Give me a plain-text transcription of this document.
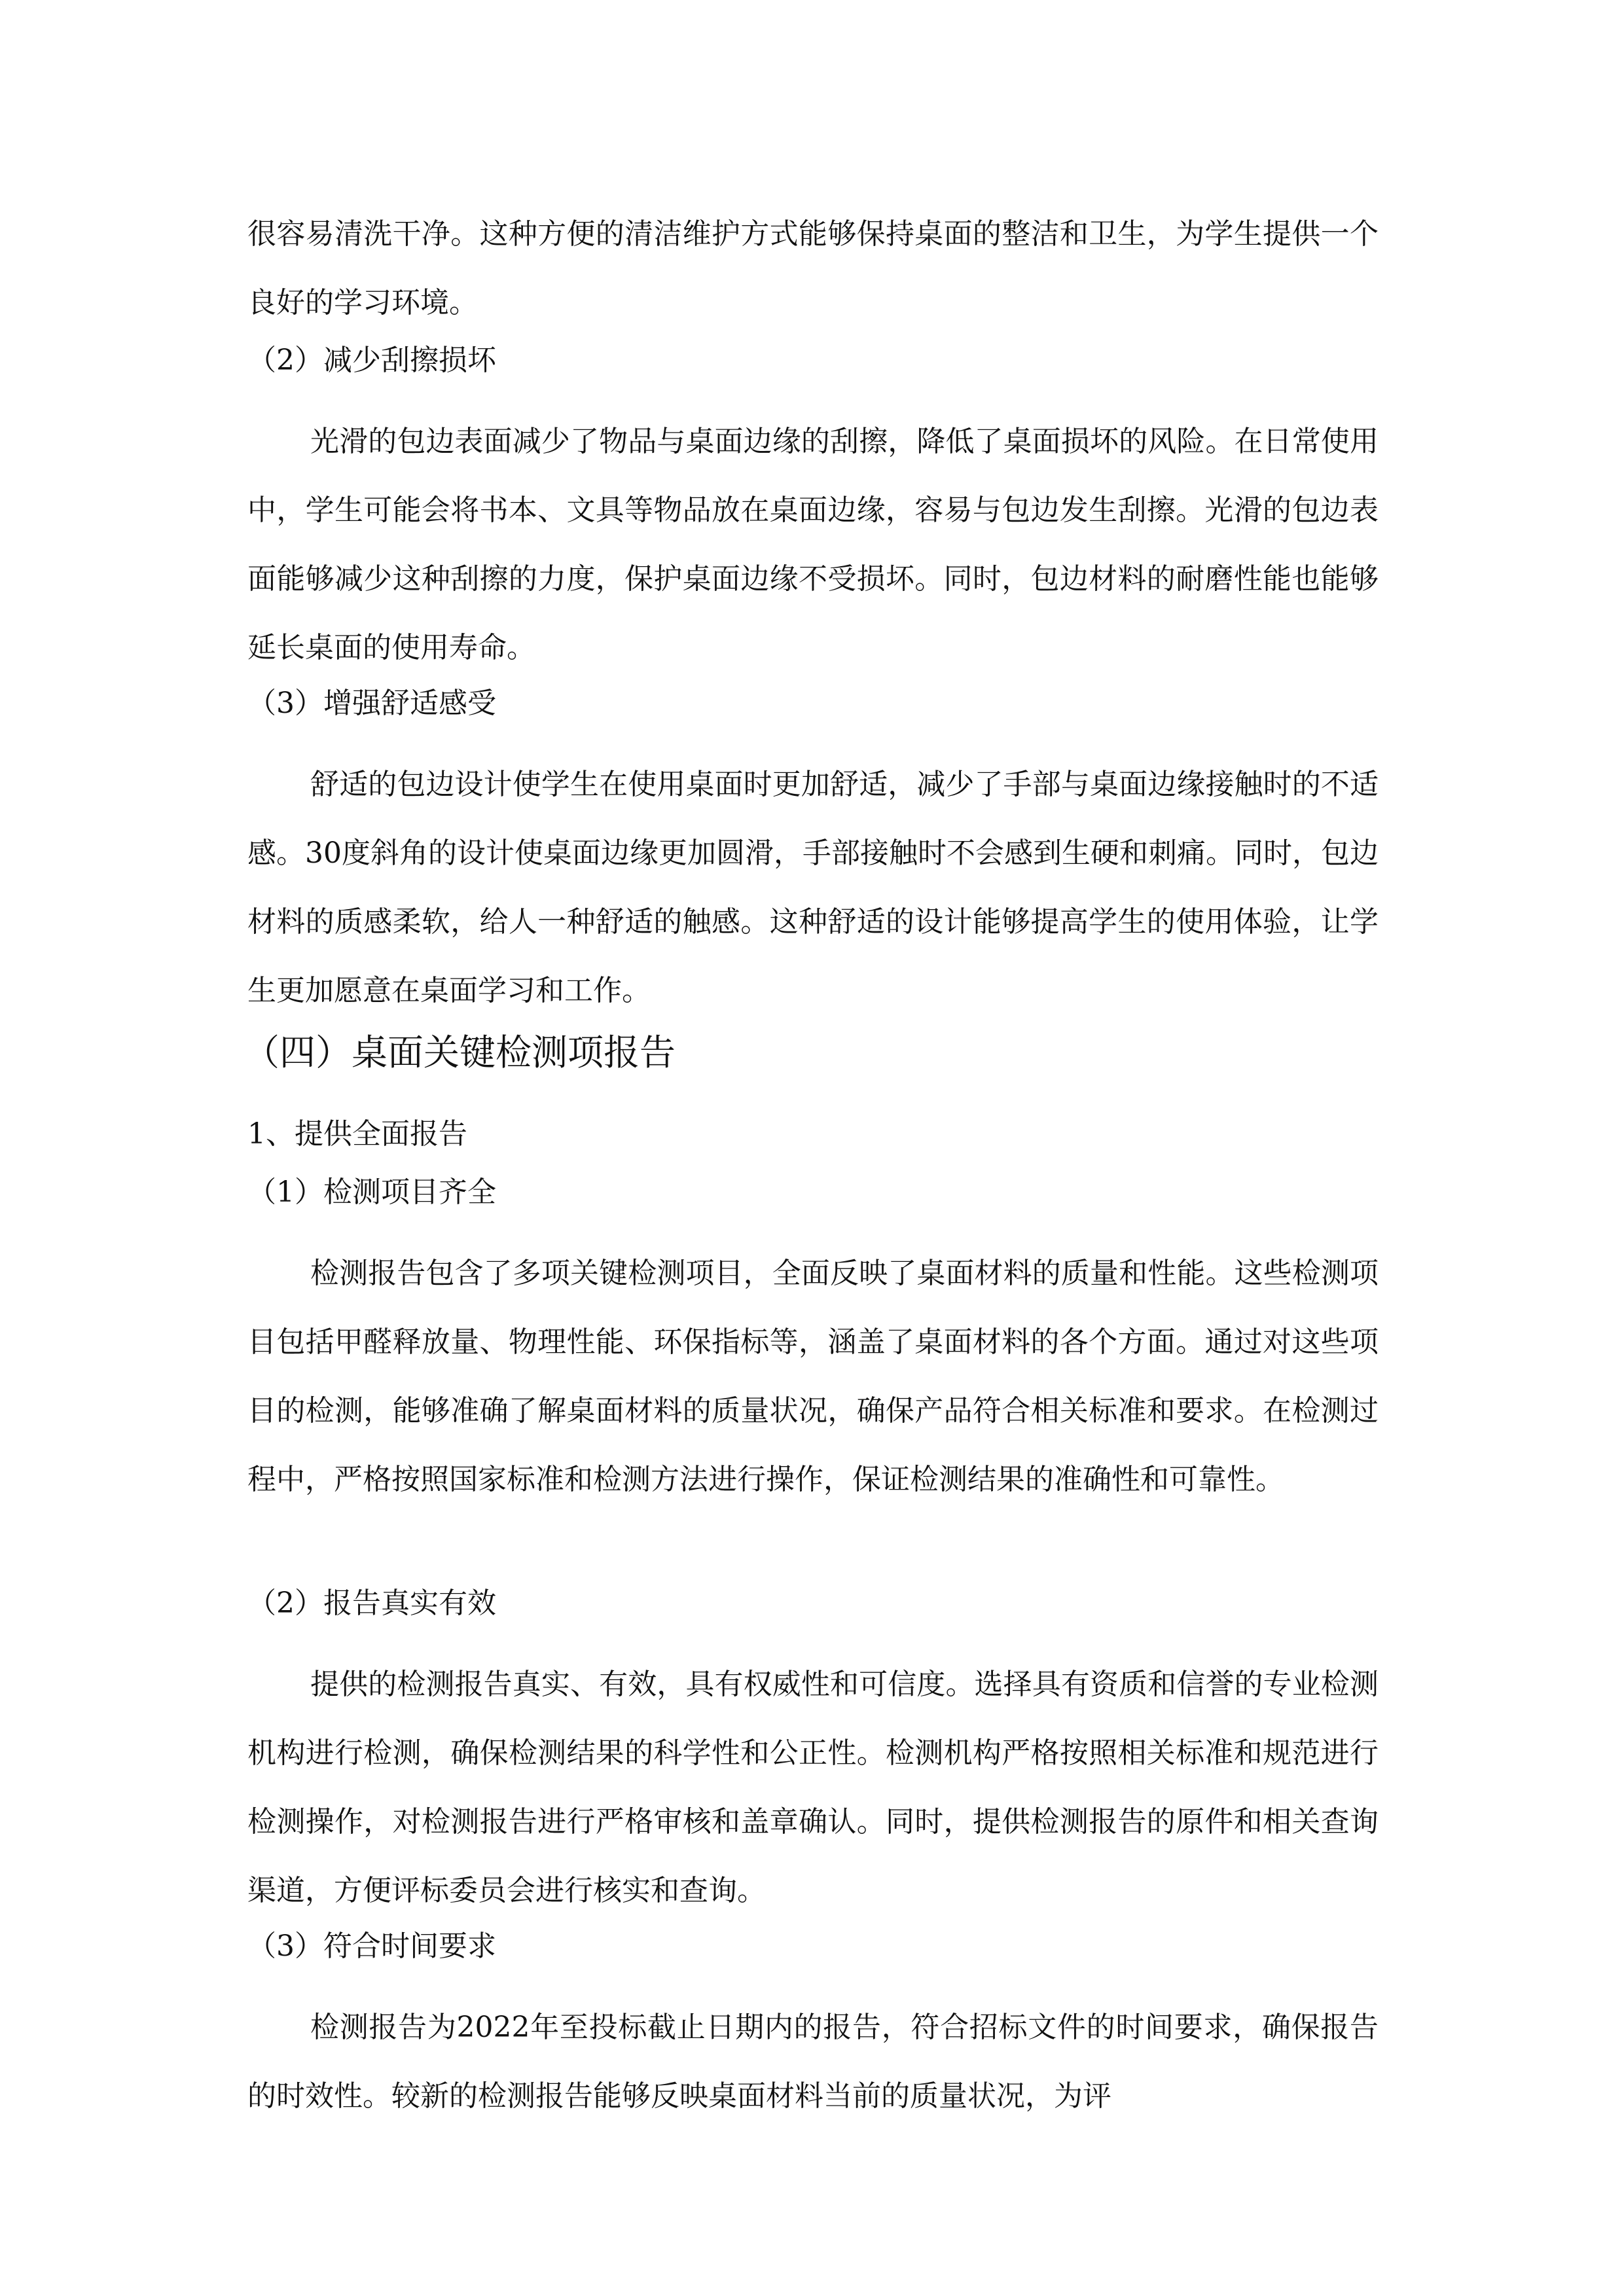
很容易清洗干净。这种方便的清洁维护方式能够保持桌面的整洁和卫生，为学生提供一个良好的学习环境。

（2）减少刮擦损坏

光滑的包边表面减少了物品与桌面边缘的刮擦，降低了桌面损坏的风险。在日常使用中，学生可能会将书本、文具等物品放在桌面边缘，容易与包边发生刮擦。光滑的包边表面能够减少这种刮擦的力度，保护桌面边缘不受损坏。同时，包边材料的耐磨性能也能够延长桌面的使用寿命。

（3）增强舒适感受

舒适的包边设计使学生在使用桌面时更加舒适，减少了手部与桌面边缘接触时的不适感。30度斜角的设计使桌面边缘更加圆滑，手部接触时不会感到生硬和刺痛。同时，包边材料的质感柔软，给人一种舒适的触感。这种舒适的设计能够提高学生的使用体验，让学生更加愿意在桌面学习和工作。

（四）桌面关键检测项报告
1、提供全面报告
（1）检测项目齐全

检测报告包含了多项关键检测项目，全面反映了桌面材料的质量和性能。这些检测项目包括甲醛释放量、物理性能、环保指标等，涵盖了桌面材料的各个方面。通过对这些项目的检测，能够准确了解桌面材料的质量状况，确保产品符合相关标准和要求。在检测过程中，严格按照国家标准和检测方法进行操作，保证检测结果的准确性和可靠性。

（2）报告真实有效

提供的检测报告真实、有效，具有权威性和可信度。选择具有资质和信誉的专业检测机构进行检测，确保检测结果的科学性和公正性。检测机构严格按照相关标准和规范进行检测操作，对检测报告进行严格审核和盖章确认。同时，提供检测报告的原件和相关查询渠道，方便评标委员会进行核实和查询。

（3）符合时间要求

检测报告为2022年至投标截止日期内的报告，符合招标文件的时间要求，确保报告的时效性。较新的检测报告能够反映桌面材料当前的质量状况，为评
